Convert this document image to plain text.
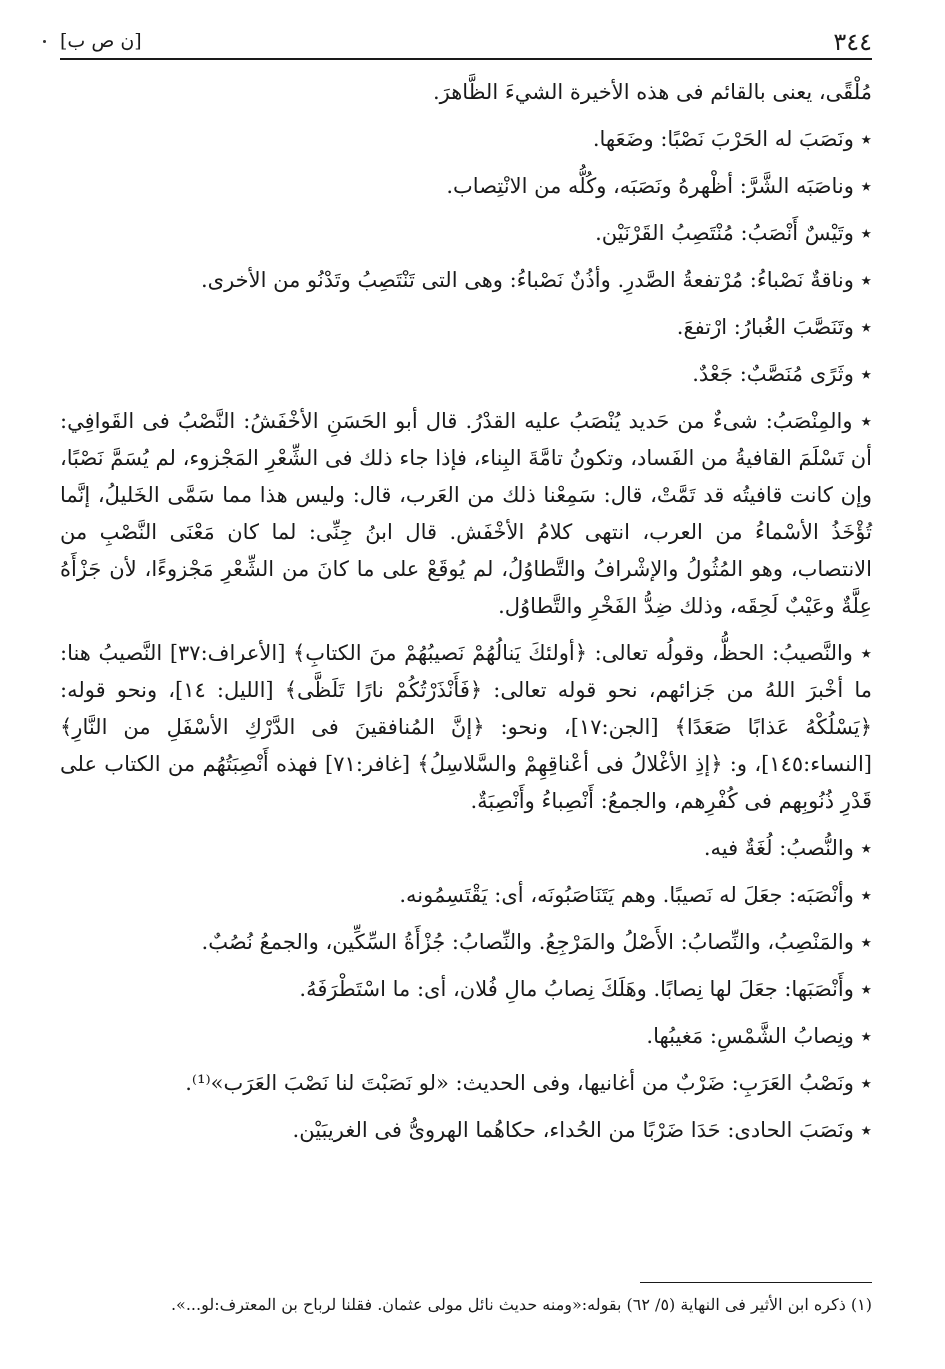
[ن ص ب]	٣٤٤

مُلْقًى، يعنى بالقائم فى هذه الأخيرة الشيءَ الظَّاهرَ.

٭ ونَصَبَ له الحَرْبَ نَصْبًا: وضَعَها.

٭ وناصَبَه الشَّرَّ: أظْهرهُ ونَصَبَه، وكُلُّه من الانْتِصاب.

٭ وتَيْسٌ أَنْصَبُ: مُنْتَصِبُ القَرْنَيْن.

٭ وناقةٌ نَصْباءُ: مُرْتفعةُ الصَّدرِ. وأذُنٌ نَصْباءُ: وهى التى تَنْتَصِبُ وتَدْنُو من الأخرى.

٭ وتَنَصَّبَ الغُبارُ: ارْتفعَ.

٭ وثَرًى مُنَصَّبٌ: جَعْدٌ.

٭ والمِنْصَبُ: شىءٌ من حَديد يُنْصَبُ عليه القدْرُ. قال أبو الحَسَنِ الأخْفَشُ: النَّصْبُ فى القَوافِي: أن تَسْلَمَ القافيةُ من الفَساد، وتكونُ تامَّةَ البِناء، فإذا جاء ذلك فى الشِّعْرِ المَجْزوء، لم يُسَمَّ نَصْبًا، وإن كانت قافيتُه قد تَمَّتْ، قال: سَمِعْنا ذلك من العَرب، قال: وليس هذا مما سَمَّى الخَليلُ، إنَّما تُؤْخَذُ الأسْماءُ من العرب، انتهى كلامُ الأخْفَش. قال ابنُ جِنِّى: لما كان مَعْنَى النَّصْبِ من الانتصاب، وهو المُثُولُ والإشْرافُ والتَّطاوُلُ، لم يُوقَعْ على ما كانَ من الشِّعْرِ مَجْزوءًا، لأن جَزْأَهُ عِلَّةٌ وعَيْبٌ لَحِقَه، وذلك ضِدُّ الفَخْرِ والتَّطاوُل.

٭ والنَّصيبُ: الحظُّ، وقولُه تعالى: ﴿أولئكَ يَنالُهُمْ نَصيبُهُمْ منَ الكتابِ﴾ [الأعراف:٣٧] النَّصيبُ هنا: ما أخْبرَ اللهُ من جَزائهم، نحو قوله تعالى: ﴿فَأَنْذَرْتُكُمْ نارًا تَلَظَّى﴾ [الليل: ١٤]، ونحو قوله: ﴿يَسْلُكْهُ عَذابًا صَعَدًا﴾ [الجن:١٧]، ونحو: ﴿إنَّ المُنافقينَ فى الدَّرْكِ الأسْفَلِ من النَّارِ﴾ [النساء:١٤٥]، و: ﴿إذِ الأغْلالُ فى أعْناقِهِمْ والسَّلاسِلُ﴾ [غافر:٧١] فهذه أَنْصِبَتُهُم من الكتاب على قَدْرِ ذُنُوبِهم فى كُفْرِهم، والجمعُ: أَنْصِباءُ وأَنْصِبَةٌ.

٭ والنُّصبُ: لُغَةٌ فيه.

٭ وأنْصَبَه: جعَلَ له نَصيبًا. وهم يَتَنَاصَبُونَه، أى: يَقْتَسِمُونه.

٭ والمَنْصِبُ، والنِّصابُ: الأَصْلُ والمَرْجِعُ. والنِّصابُ: جُزْأَةُ السِّكِّين، والجمعُ نُصُبٌ.

٭ وأَنْصَبَها: جعَلَ لها نِصابًا. وهَلَكَ نِصابُ مالِ فُلان، أى: ما اسْتَطْرَفَهُ.

٭ ونِصابُ الشَّمْسِ: مَغيبُها.

٭ ونَصْبُ العَرَبِ: ضَرْبٌ من أغانيها، وفى الحديث: «لو نَصَبْتَ لنا نَصْبَ العَرَب»⁽¹⁾.

٭ ونَصَبَ الحادى: حَدَا ضَرْبًا من الحُداء، حكاهُما الهروىُّ فى الغريبَيْن.

(١) ذكره ابن الأثير فى النهاية (٥/ ٦٢) بقوله:«ومنه حديث نائل مولى عثمان. فقلنا لرباح بن المعترف:لو...».
